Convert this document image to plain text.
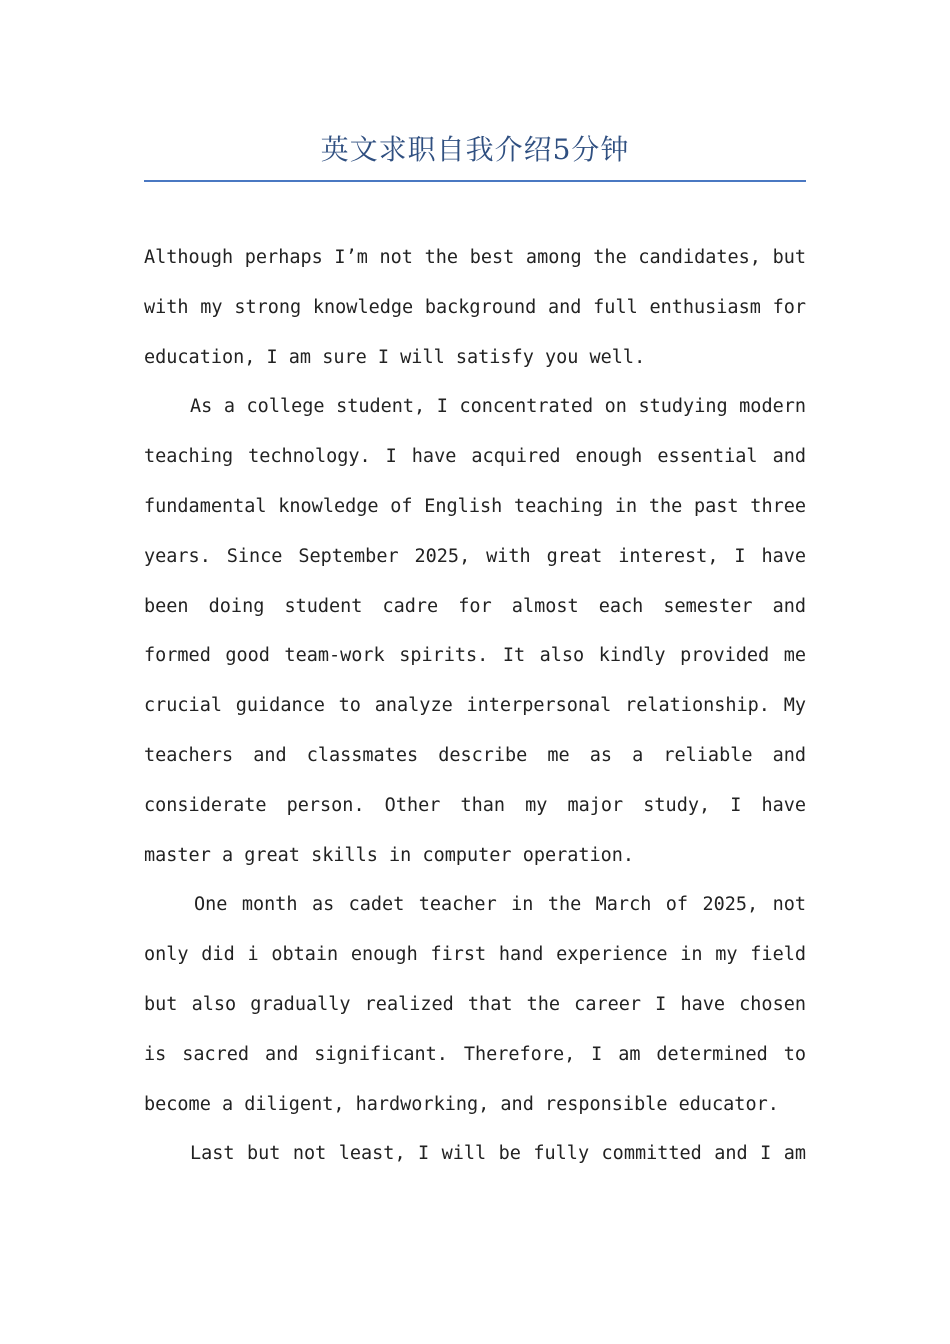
英文求职自我介绍5分钟
Although perhaps I’m not the best among the candidates, but
with my strong knowledge background and full enthusiasm for
education, I am sure I will satisfy you well.
As a college student, I concentrated on studying modern
teaching technology. I have acquired enough essential and
fundamental knowledge of English teaching in the past three
years. Since September 2025, with great interest, I have
been doing student cadre for almost each semester and
formed good team-work spirits. It also kindly provided me
crucial guidance to analyze interpersonal relationship. My
teachers and classmates describe me as a reliable and
considerate person. Other than my major study, I have
master a great skills in computer operation.
One month as cadet teacher in the March of 2025, not
only did i obtain enough first hand experience in my field
but also gradually realized that the career I have chosen
is sacred and significant. Therefore, I am determined to
become a diligent, hardworking, and responsible educator.
Last but not least, I will be fully committed and I am
